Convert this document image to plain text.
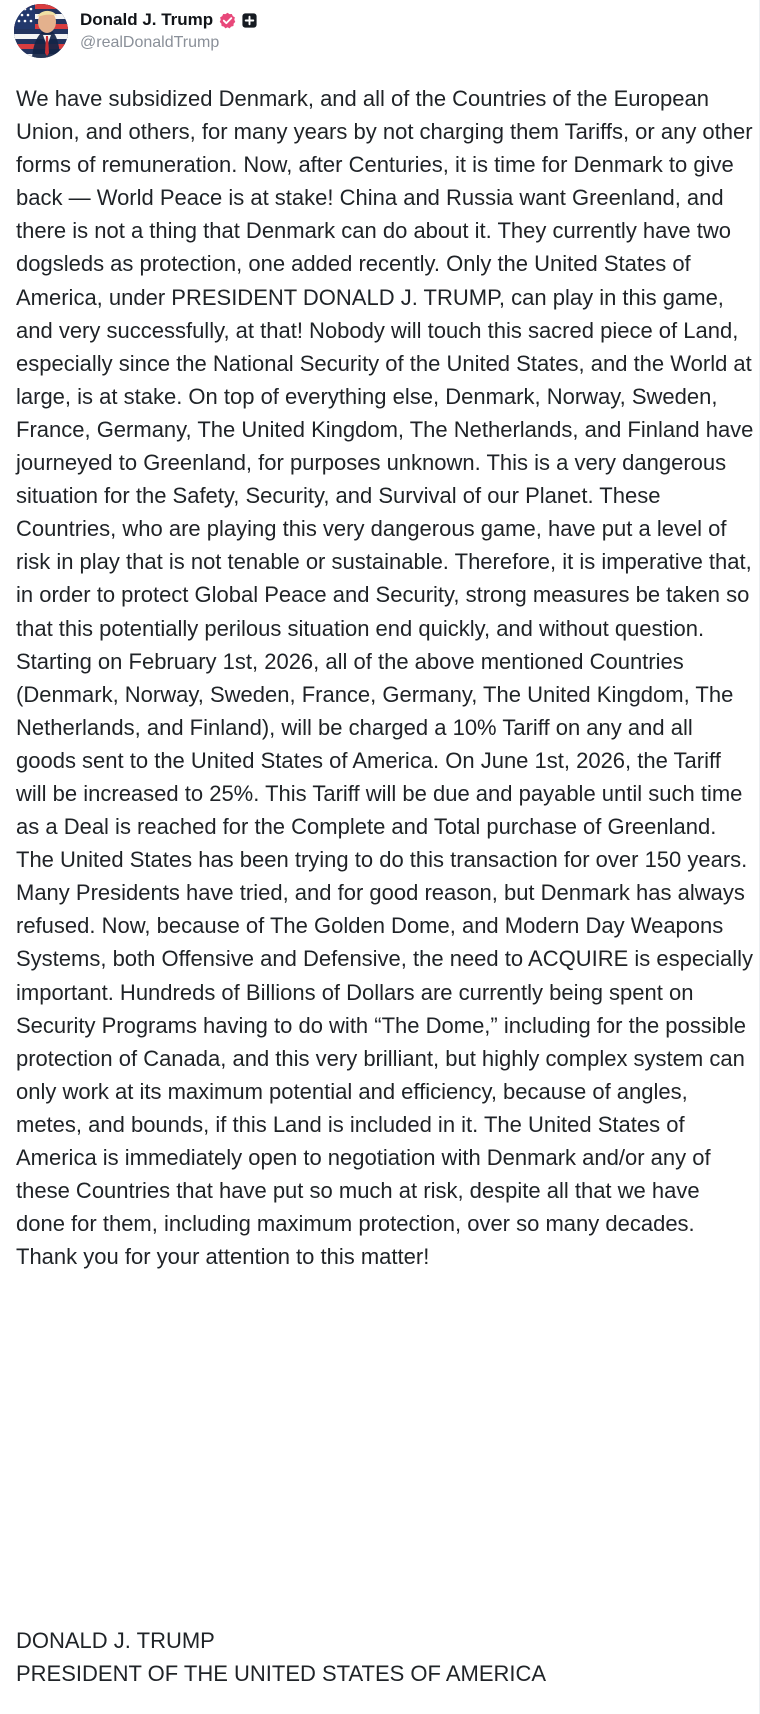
Donald J. Trump
@realDonaldTrump

We have subsidized Denmark, and all of the Countries of the European Union, and others, for many years by not charging them Tariffs, or any other forms of remuneration. Now, after Centuries, it is time for Denmark to give back — World Peace is at stake! China and Russia want Greenland, and there is not a thing that Denmark can do about it. They currently have two dogsleds as protection, one added recently. Only the United States of America, under PRESIDENT DONALD J. TRUMP, can play in this game, and very successfully, at that! Nobody will touch this sacred piece of Land, especially since the National Security of the United States, and the World at large, is at stake. On top of everything else, Denmark, Norway, Sweden, France, Germany, The United Kingdom, The Netherlands, and Finland have journeyed to Greenland, for purposes unknown. This is a very dangerous situation for the Safety, Security, and Survival of our Planet. These Countries, who are playing this very dangerous game, have put a level of risk in play that is not tenable or sustainable. Therefore, it is imperative that, in order to protect Global Peace and Security, strong measures be taken so that this potentially perilous situation end quickly, and without question. Starting on February 1st, 2026, all of the above mentioned Countries (Denmark, Norway, Sweden, France, Germany, The United Kingdom, The Netherlands, and Finland), will be charged a 10% Tariff on any and all goods sent to the United States of America. On June 1st, 2026, the Tariff will be increased to 25%. This Tariff will be due and payable until such time as a Deal is reached for the Complete and Total purchase of Greenland. The United States has been trying to do this transaction for over 150 years. Many Presidents have tried, and for good reason, but Denmark has always refused. Now, because of The Golden Dome, and Modern Day Weapons Systems, both Offensive and Defensive, the need to ACQUIRE is especially important. Hundreds of Billions of Dollars are currently being spent on Security Programs having to do with “The Dome,” including for the possible protection of Canada, and this very brilliant, but highly complex system can only work at its maximum potential and efficiency, because of angles, metes, and bounds, if this Land is included in it. The United States of America is immediately open to negotiation with Denmark and/or any of these Countries that have put so much at risk, despite all that we have done for them, including maximum protection, over so many decades. Thank you for your attention to this matter!

DONALD J. TRUMP
PRESIDENT OF THE UNITED STATES OF AMERICA
